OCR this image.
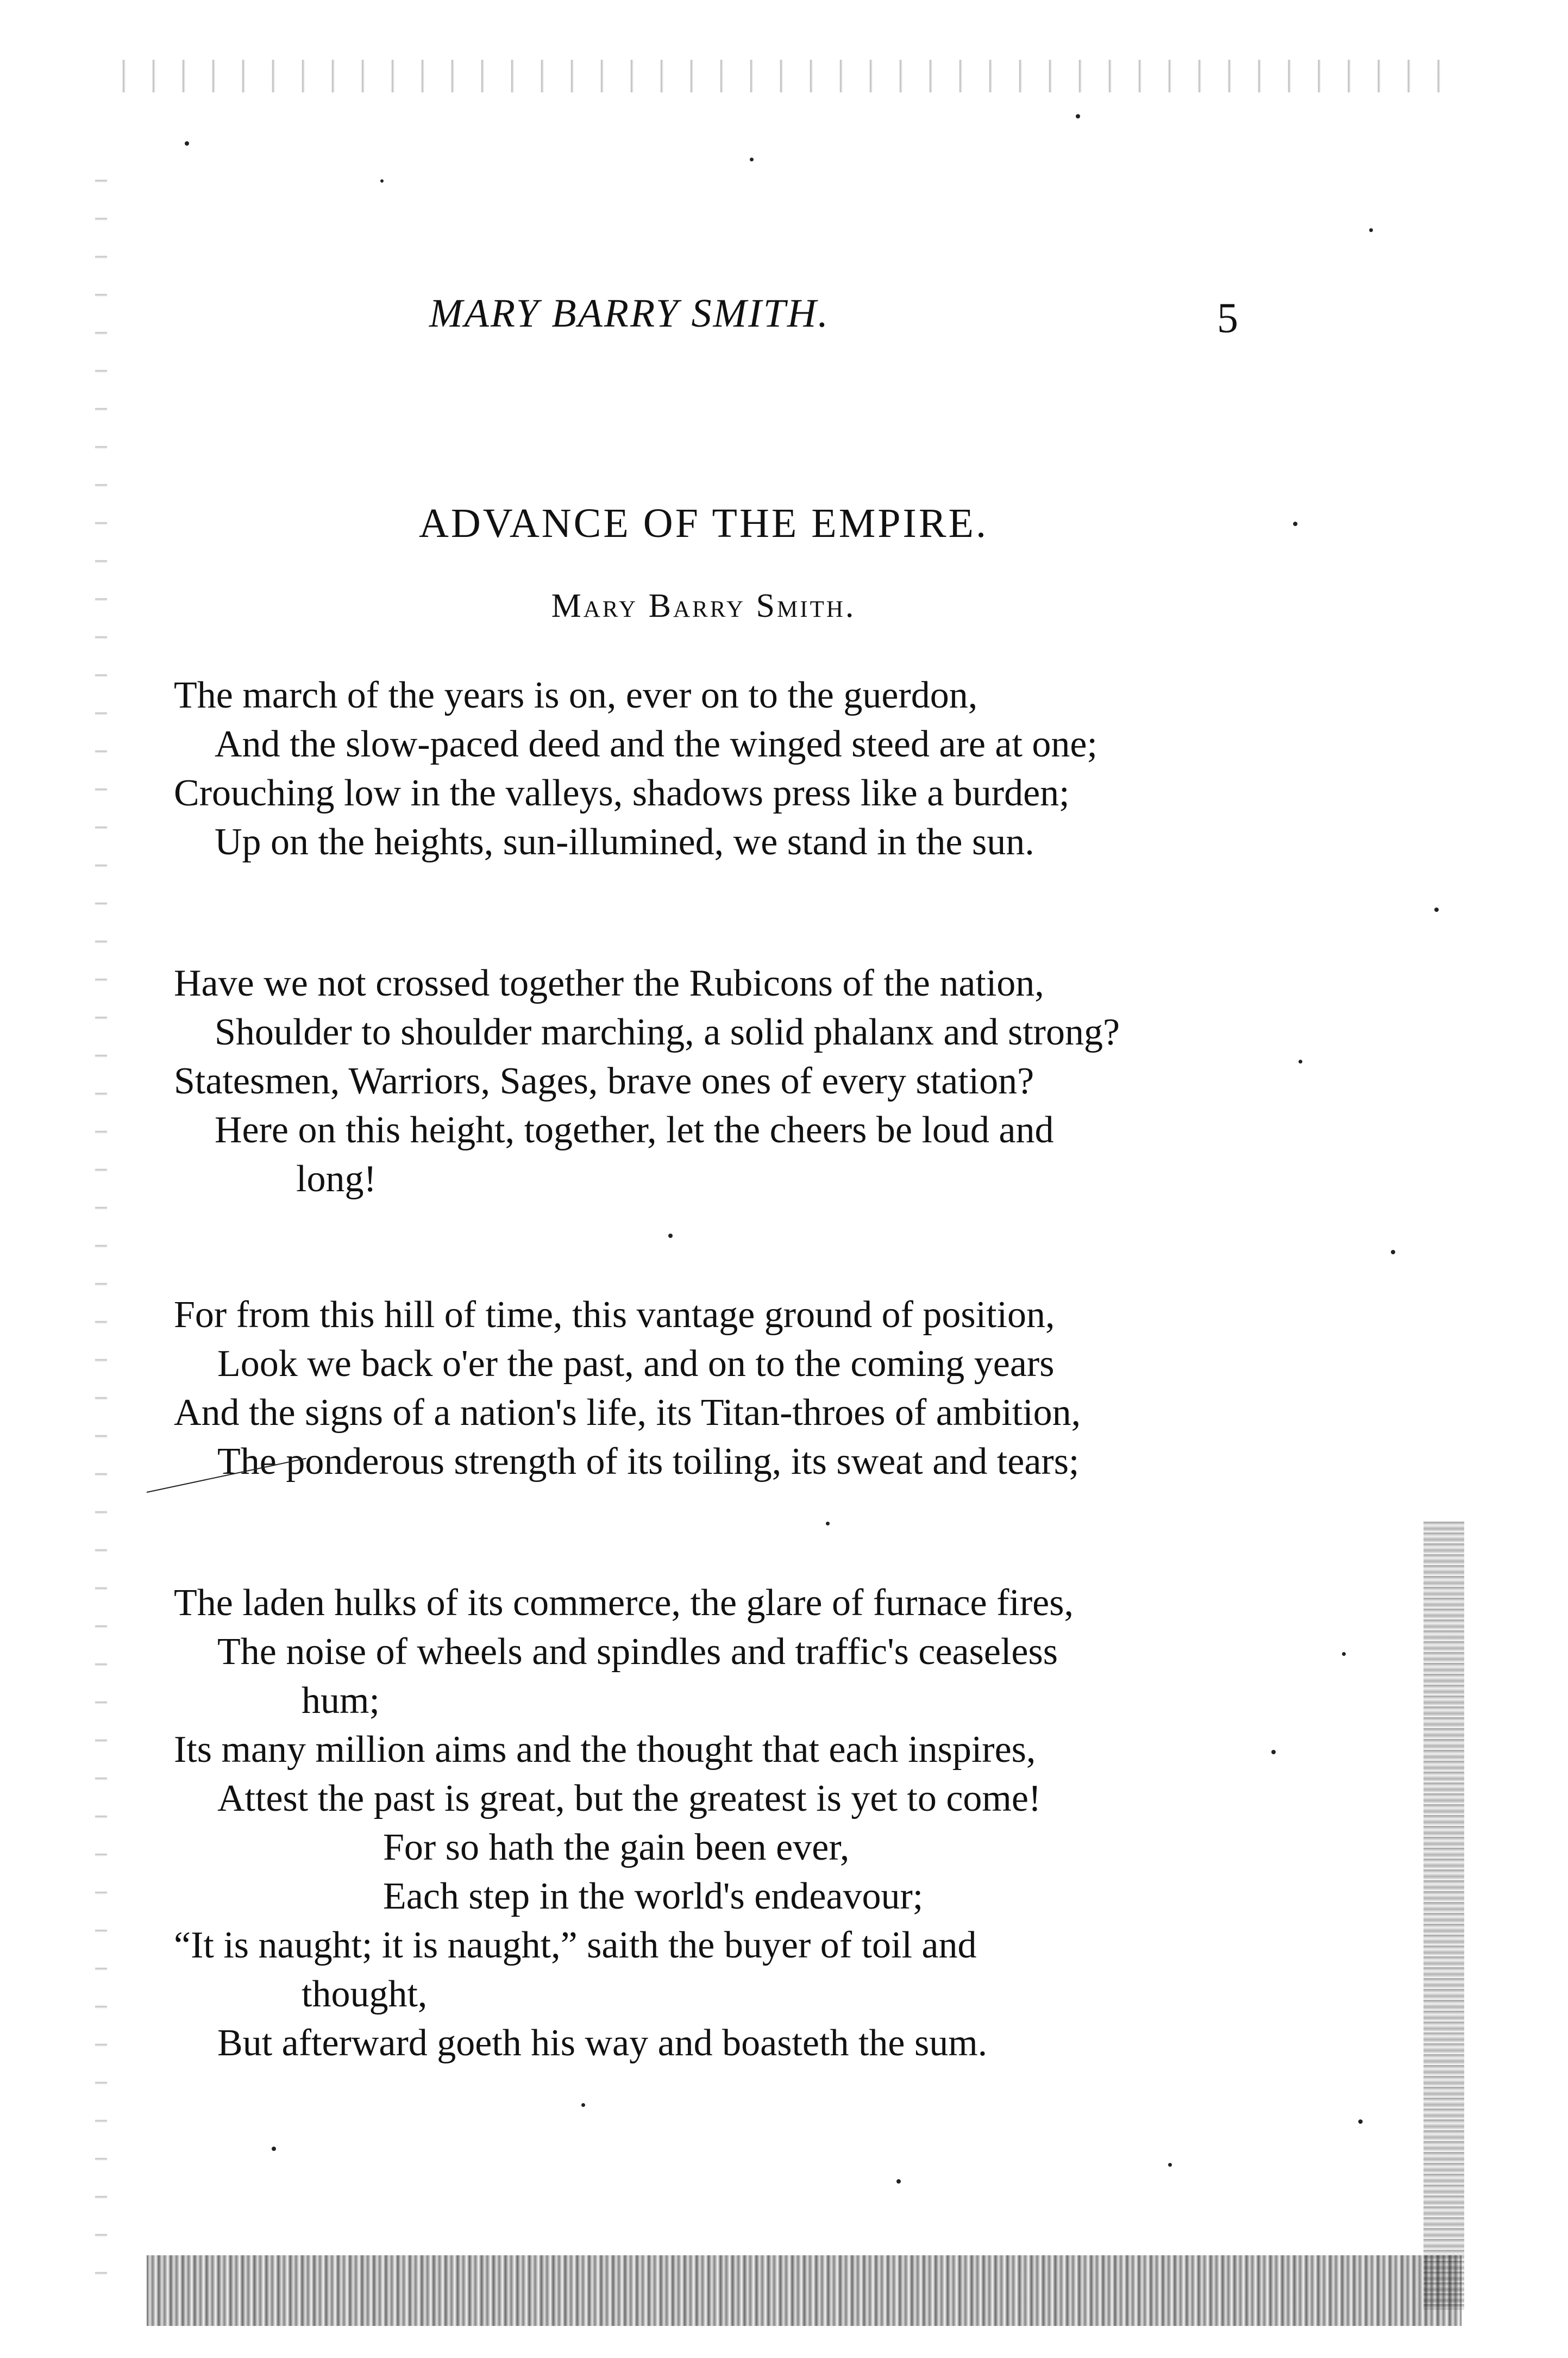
MARY BARRY SMITH.	5
ADVANCE OF THE EMPIRE.
Mary Barry Smith.
The march of the years is on, ever on to the guerdon,
And the slow-paced deed and the winged steed are at one;
Crouching low in the valleys, shadows press like a burden;
Up on the heights, sun-illumined, we stand in the sun.
Have we not crossed together the Rubicons of the nation,
Shoulder to shoulder marching, a solid phalanx and strong?
Statesmen, Warriors, Sages, brave ones of every station?
Here on this height, together, let the cheers be loud and
long!
For from this hill of time, this vantage ground of position,
Look we back o'er the past, and on to the coming years
And the signs of a nation's life, its Titan-throes of ambition,
The ponderous strength of its toiling, its sweat and tears;
The laden hulks of its commerce, the glare of furnace fires,
The noise of wheels and spindles and traffic's ceaseless
hum;
Its many million aims and the thought that each inspires,
Attest the past is great, but the greatest is yet to come!
For so hath the gain been ever,
Each step in the world's endeavour;
“It is naught; it is naught,” saith the buyer of toil and
thought,
But afterward goeth his way and boasteth the sum.
